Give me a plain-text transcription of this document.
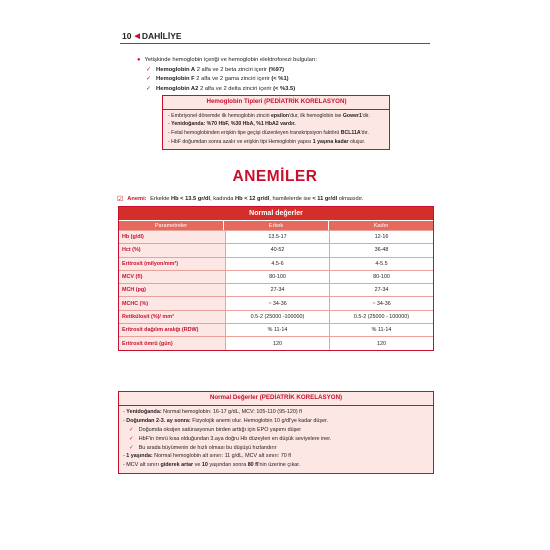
10 ◀ DAHİLİYE
● Yetişkinde hemoglobin içeriği ve hemoglobin elektroforezi bulguları:
✓ Hemoglobin A 2 alfa ve 2 beta zinciri içerir (%97)
✓ Hemoglobin F 2 alfa ve 2 gama zinciri içerir (< %1)
✓ Hemoglobin A2 2 alfa ve 2 delta zinciri içerir (< %3.5)
Hemoglobin Tipleri (PEDİATRİK KORELASYON)
- Embriyonel dönemde ilk hemoglobin zinciri epsilon'dur, ilk hemoglobin ise Gower1'dir.
- Yenidoğanda: %70 HbF, %30 HbA, %1 HbA2 vardır.
- Fetal hemoglobinden erişkin tipe geçişi düzenleyen transkripsiyon faktörü BCL11A'dır.
- HbF doğumdan sonra azalır ve erişkin tipi Hemoglobin yapısı 1 yaşına kadar oluşur.
ANEMİLER
☑ Anemi: Erkekte Hb < 13.5 gr/dl, kadında Hb < 12 gr/dl, hamilelerde ise < 11 gr/dl olmasıdır.
Normal değerler
Parametreler	Erkek	Kadın
Hb (g/dl)	13.5-17	12-16
Hct (%)	40-52	36-48
Eritrosit (milyon/mm³)	4.5-6	4-5.5
MCV (fl)	80-100	80-100
MCH (pg)	27-34	27-34
MCHC (%)	~ 34-36	~ 34-36
Retikülosit (%)/ mm³	0.5-2 (25000 -100000)	0.5-2 (25000 - 100000)
Eritrosit dağılım aralığı (RDW)	% 11-14	% 11-14
Eritrosit ömrü (gün)	120	120
Normal Değerler (PEDİATRİK KORELASYON)
- Yenidoğanda: Normal hemoglobin: 16-17 g/dL, MCV: 105-110 (95-120) fl
- Doğumdan 2-3. ay sonra: Fizyolojik anemi olur. Hemoglobin 10 g/dl'ye kadar düşer.
✓ Doğumda oksijen satürasyonun birden arttığı için EPO yapımı düşer
✓ HbF'in ömrü kısa olduğundan 3.aya doğru Hb düzeyleri en düşük seviyelere iner.
✓ Bu arada büyümenin de hızlı olması bu düşüşü hızlandırır
- 1 yaşında: Normal hemoglobin alt sınırı: 11 g/dL, MCV alt sınırı: 70 fl
- MCV alt sınırı giderek artar ve 10 yaşından sonra 80 fl'nin üzerine çıkar.
